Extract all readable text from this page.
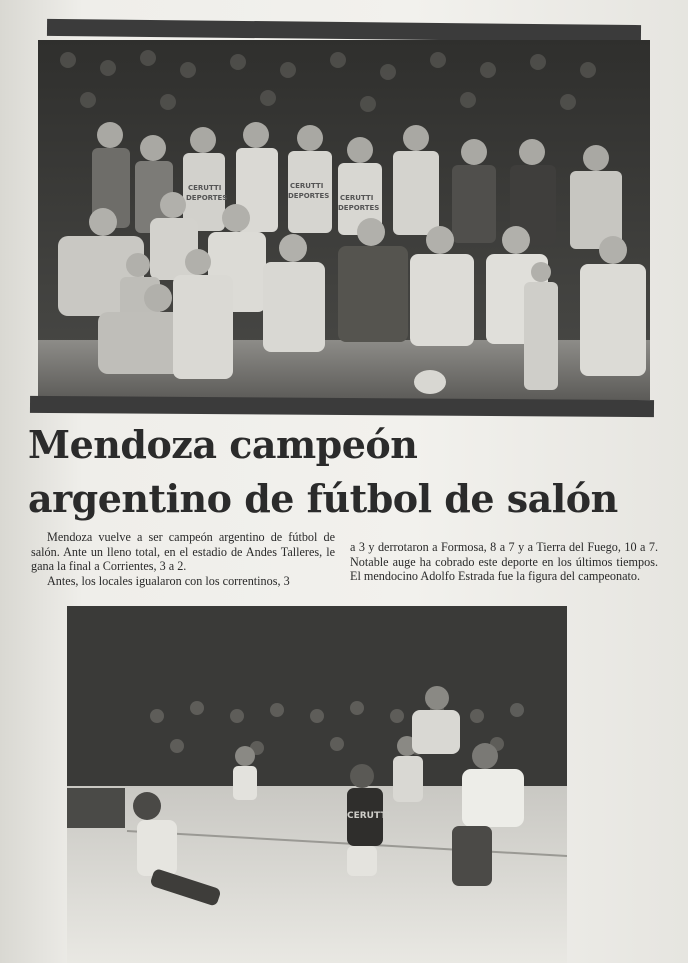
CERUTTI
DEPORTES
CERUTTI
DEPORTES CERUTTI
DEPORTES
Mendoza campeón
argentino de fútbol de salón

Mendoza vuelve a ser campeón argentino de fútbol de salón. Ante un lleno total, en el estadio de Andes Talleres, le gana la final a Corrientes, 3 a 2.

Antes, los locales igualaron con los correntinos, 3

a 3 y derrotaron a Formosa, 8 a 7 y a Tierra del Fuego, 10 a 7. Notable auge ha cobrado este deporte en los últimos tiempos. El mendocino Adolfo Estrada fue la figura del campeonato.

CERUTTI
